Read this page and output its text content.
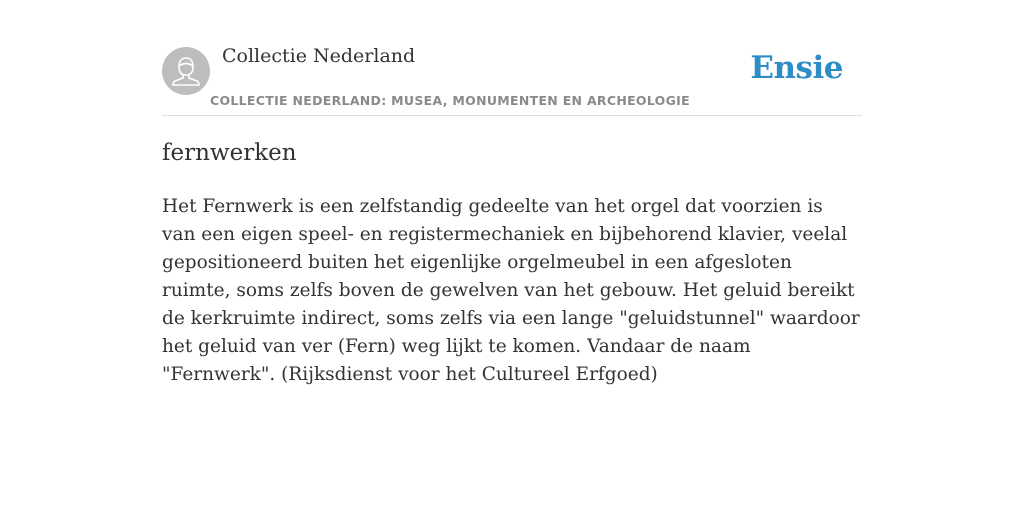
Collectie Nederland
COLLECTIE NEDERLAND: MUSEA, MONUMENTEN EN ARCHEOLOGIE
Ensie
fernwerken

Het Fernwerk is een zelfstandig gedeelte van het orgel dat voorzien is van een eigen speel- en registermechaniek en bijbehorend klavier, veelal gepositioneerd buiten het eigenlijke orgelmeubel in een afgesloten ruimte, soms zelfs boven de gewelven van het gebouw. Het geluid bereikt de kerkruimte indirect, soms zelfs via een lange "geluidstunnel" waardoor het geluid van ver (Fern) weg lijkt te komen. Vandaar de naam "Fernwerk". (Rijksdienst voor het Cultureel Erfgoed)
